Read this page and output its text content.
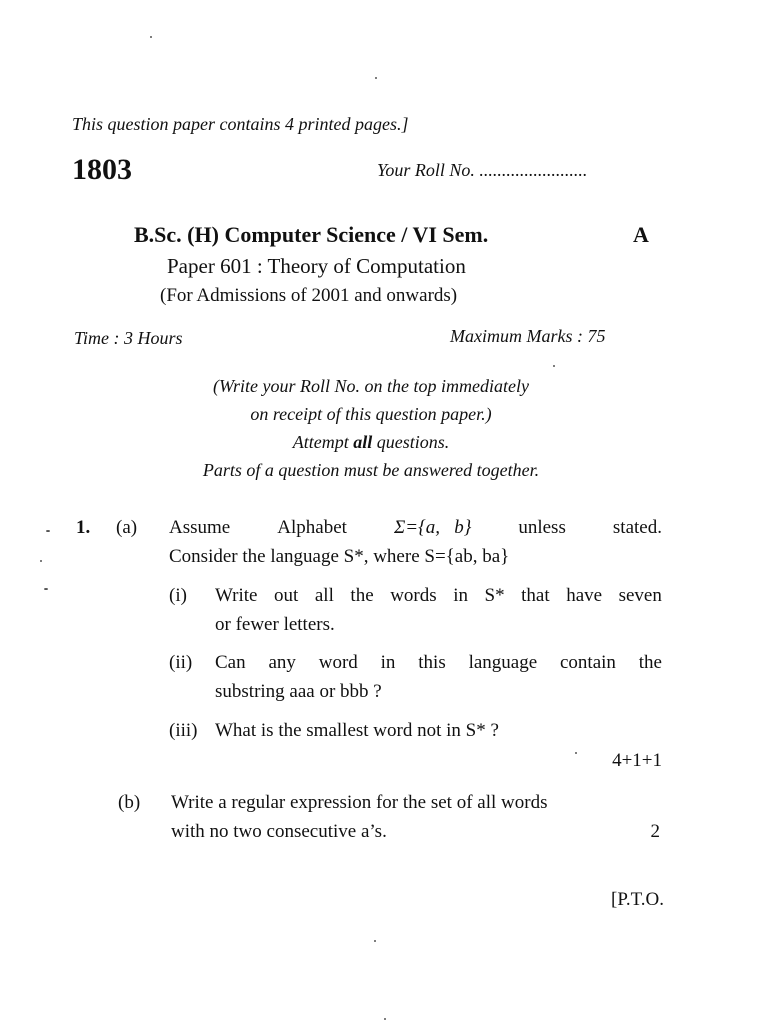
This question paper contains 4 printed pages.]
1803	Your Roll No. ........................
B.Sc. (H) Computer Science / VI Sem.	A
Paper 601 : Theory of Computation
(For Admissions of 2001 and onwards)
Time : 3 Hours	Maximum Marks : 75
(Write your Roll No. on the top immediately
on receipt of this question paper.)
Attempt all questions.
Parts of a question must be answered together.
1. (a) Assume Alphabet Σ={a,   b} unless stated.
Consider the language S*, where S={ab, ba}
(i) Write out all the words in S* that have seven
or fewer letters.
(ii) Can any word in this language contain the
substring aaa or bbb ?
(iii) What is the smallest word not in S* ?
4+1+1
(b) Write a regular expression for the set of all words
with no two consecutive a’s.	2
[P.T.O.
